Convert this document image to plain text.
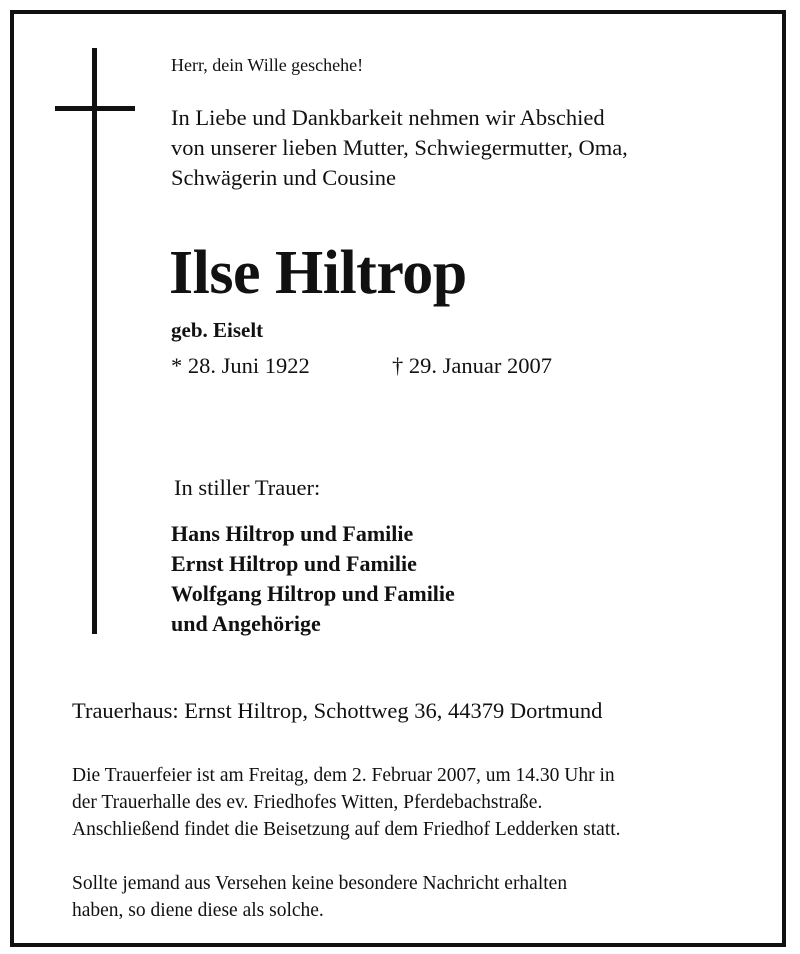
Herr, dein Wille geschehe!
In Liebe und Dankbarkeit nehmen wir Abschied
von unserer lieben Mutter, Schwiegermutter, Oma,
Schwägerin und Cousine
Ilse Hiltrop
geb. Eiselt
* 28. Juni 1922	† 29. Januar 2007
In stiller Trauer:
Hans Hiltrop und Familie
Ernst Hiltrop und Familie
Wolfgang Hiltrop und Familie
und Angehörige
Trauerhaus: Ernst Hiltrop, Schottweg 36, 44379 Dortmund
Die Trauerfeier ist am Freitag, dem 2. Februar 2007, um 14.30 Uhr in
der Trauerhalle des ev. Friedhofes Witten, Pferdebachstraße.
Anschließend findet die Beisetzung auf dem Friedhof Ledderken statt.
Sollte jemand aus Versehen keine besondere Nachricht erhalten
haben, so diene diese als solche.
